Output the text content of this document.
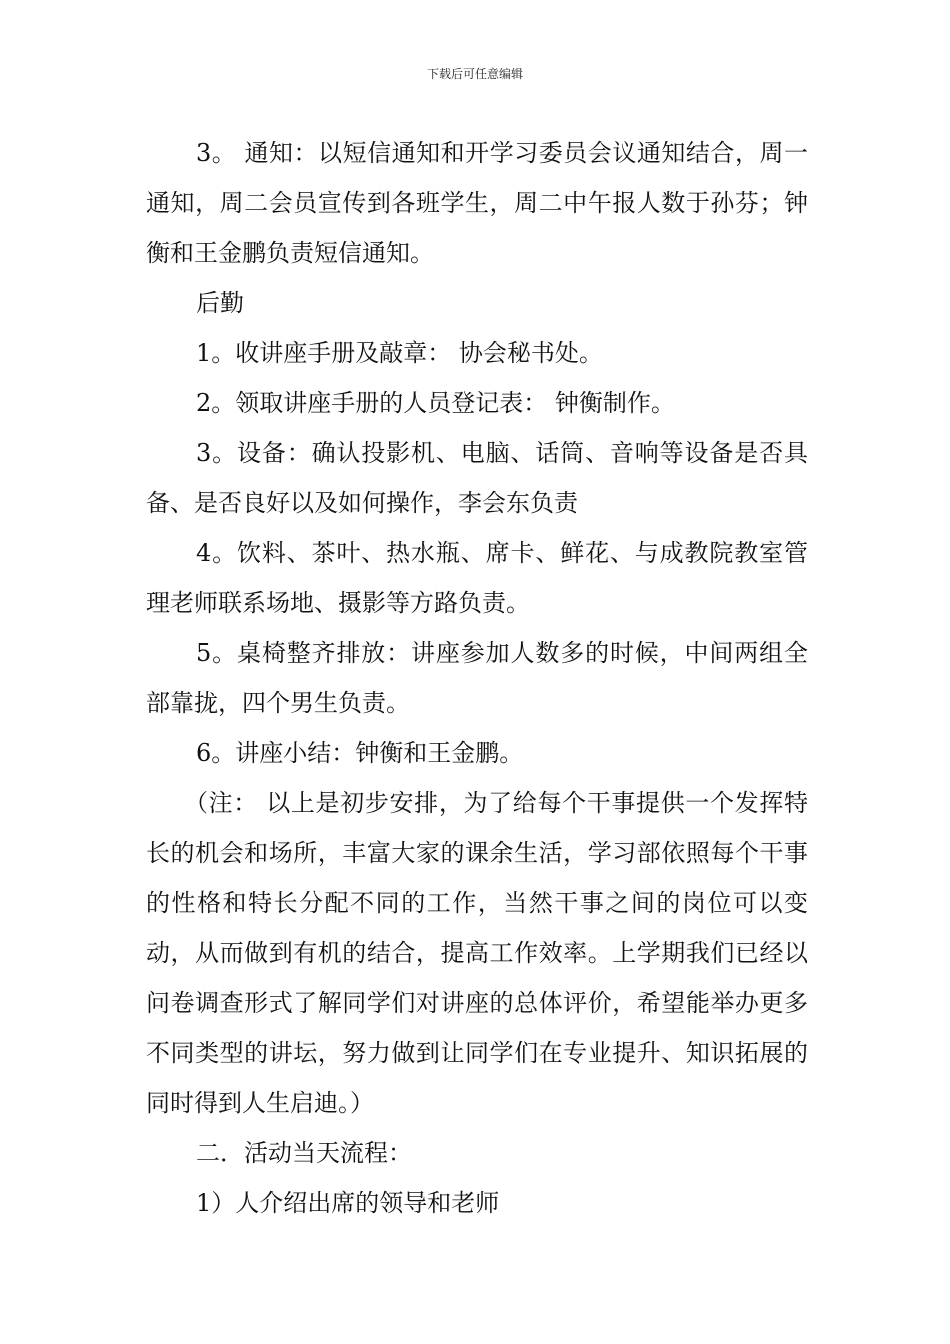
下载后可任意编辑

3。 通知：以短信通知和开学习委员会议通知结合，周一通知，周二会员宣传到各班学生，周二中午报人数于孙芬；钟衡和王金鹏负责短信通知。

后勤

1。收讲座手册及敲章： 协会秘书处。

2。领取讲座手册的人员登记表： 钟衡制作。

3。设备：确认投影机、电脑、话筒、音响等设备是否具备、是否良好以及如何操作，李会东负责

4。饮料、茶叶、热水瓶、席卡、鲜花、与成教院教室管理老师联系场地、摄影等方路负责。

5。桌椅整齐排放：讲座参加人数多的时候，中间两组全部靠拢，四个男生负责。

6。讲座小结：钟衡和王金鹏。

（注： 以上是初步安排，为了给每个干事提供一个发挥特长的机会和场所，丰富大家的课余生活，学习部依照每个干事的性格和特长分配不同的工作，当然干事之间的岗位可以变动，从而做到有机的结合，提高工作效率。上学期我们已经以问卷调查形式了解同学们对讲座的总体评价，希望能举办更多不同类型的讲坛，努力做到让同学们在专业提升、知识拓展的同时得到人生启迪。）

二．活动当天流程：

1）人介绍出席的领导和老师
